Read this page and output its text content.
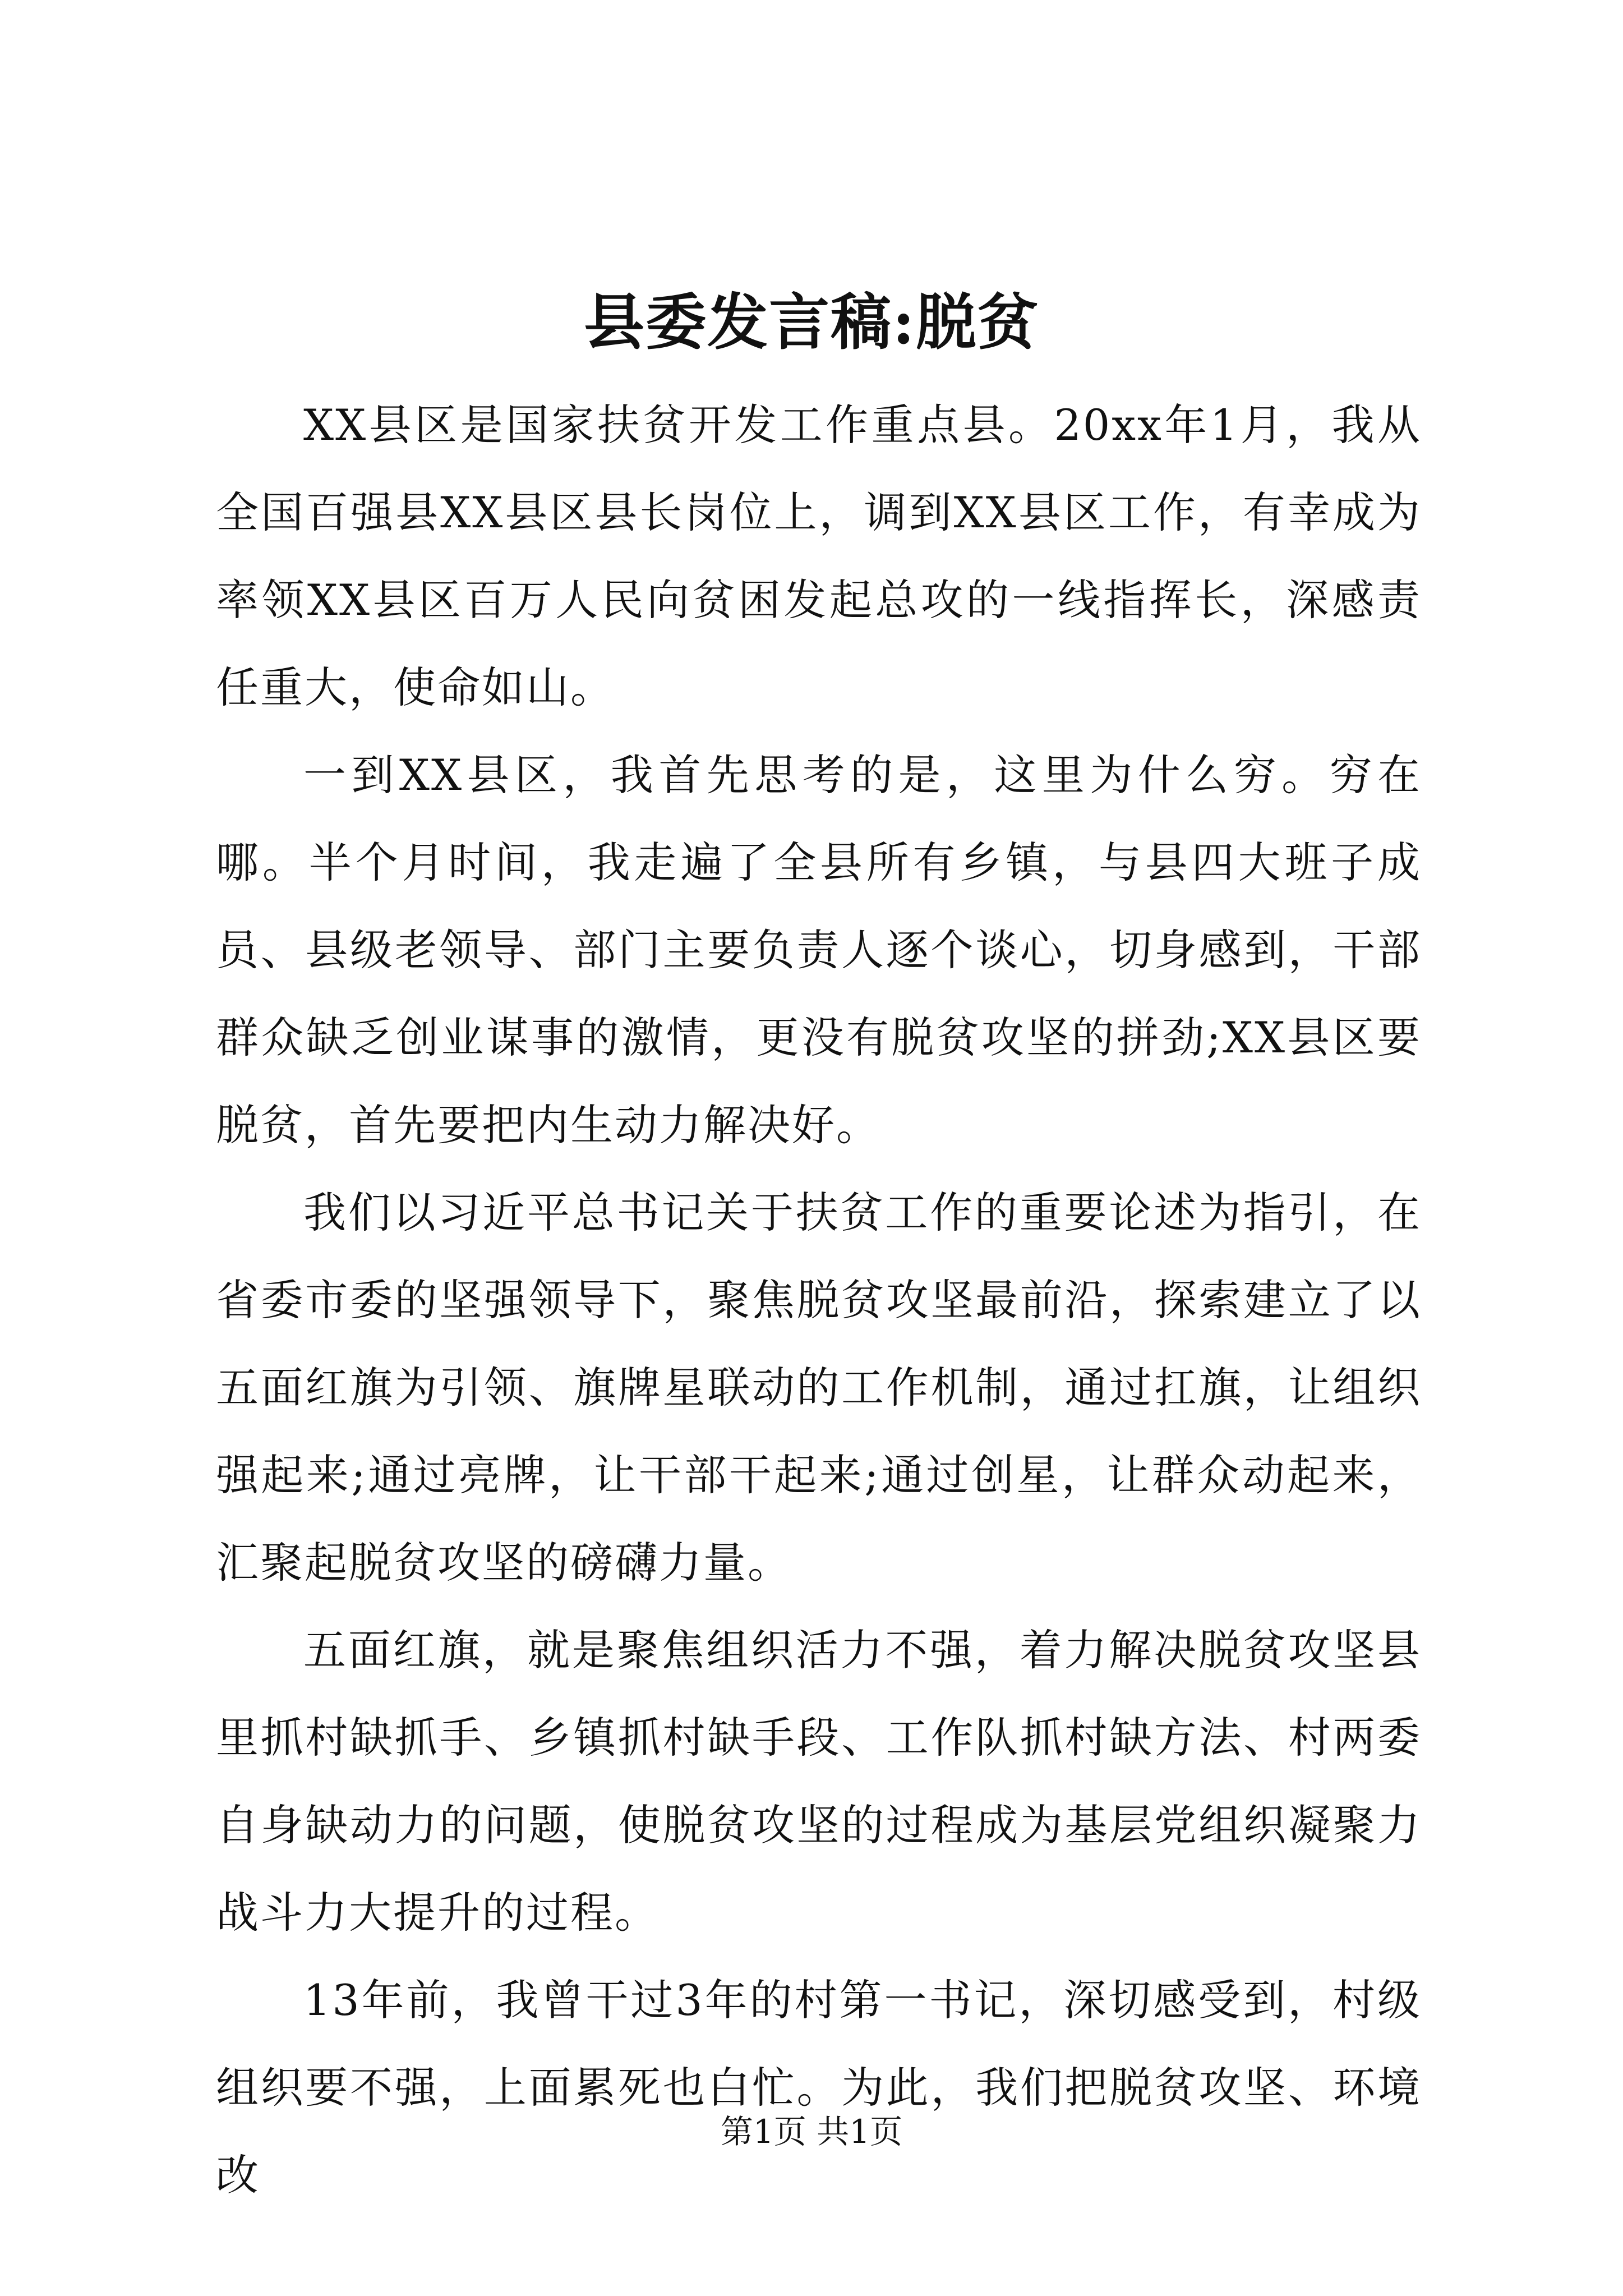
县委发言稿:脱贫

XX县区是国家扶贫开发工作重点县。20xx年1月，我从全国百强县XX县区县长岗位上，调到XX县区工作，有幸成为率领XX县区百万人民向贫困发起总攻的一线指挥长，深感责任重大，使命如山。

一到XX县区，我首先思考的是，这里为什么穷。穷在哪。半个月时间，我走遍了全县所有乡镇，与县四大班子成员、县级老领导、部门主要负责人逐个谈心，切身感到，干部群众缺乏创业谋事的激情，更没有脱贫攻坚的拼劲;XX县区要脱贫，首先要把内生动力解决好。

我们以习近平总书记关于扶贫工作的重要论述为指引，在省委市委的坚强领导下，聚焦脱贫攻坚最前沿，探索建立了以五面红旗为引领、旗牌星联动的工作机制，通过扛旗，让组织强起来;通过亮牌，让干部干起来;通过创星，让群众动起来，汇聚起脱贫攻坚的磅礴力量。

五面红旗，就是聚焦组织活力不强，着力解决脱贫攻坚县里抓村缺抓手、乡镇抓村缺手段、工作队抓村缺方法、村两委自身缺动力的问题，使脱贫攻坚的过程成为基层党组织凝聚力战斗力大提升的过程。

13年前，我曾干过3年的村第一书记，深切感受到，村级组织要不强，上面累死也白忙。为此，我们把脱贫攻坚、环境改

第1页 共1页
